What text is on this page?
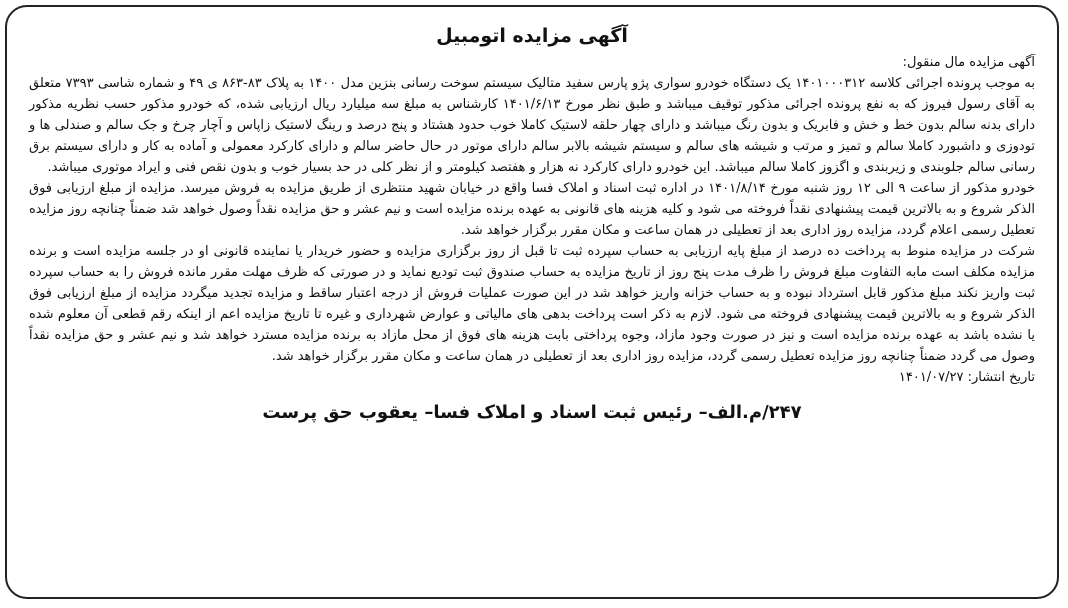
آگهی مزایده اتومبیل
آگهی مزایده مال منقول:

به موجب پرونده اجرائی کلاسه ۱۴۰۱۰۰۰۳۱۲ یک دستگاه خودرو سواری پژو پارس سفید متالیک سیستم سوخت رسانی بنزین مدل ۱۴۰۰ به پلاک ۸۳-۸۶۳ ی ۴۹ و شماره شاسی ۷۳۹۳ متعلق به آقای رسول فیروز که به نفع پرونده اجرائی مذکور توقیف میباشد و طبق نظر مورخ ۱۴۰۱/۶/۱۳ کارشناس به مبلغ سه میلیارد ریال ارزیابی شده، که خودرو مذکور حسب نظریه مذکور دارای بدنه سالم بدون خط و خش و فابریک و بدون رنگ میباشد و دارای چهار حلقه لاستیک کاملا خوب حدود هشتاد و پنج درصد و رینگ لاستیک زاپاس و آچار چرخ و جک سالم و صندلی ها و تودوزی و داشبورد کاملا سالم و تمیز و مرتب و شیشه های سالم و سیستم شیشه بالابر سالم دارای موتور در حال حاضر سالم و دارای کارکرد معمولی و آماده به کار و دارای سیستم برق رسانی سالم جلوبندی و زیربندی و اگزوز کاملا سالم میباشد. این خودرو دارای کارکرد نه هزار و هفتصد کیلومتر و از نظر کلی در حد بسیار خوب و بدون نقص فنی و ایراد موتوری میباشد.

خودرو مذکور از ساعت ۹ الی ۱۲ روز شنبه مورخ ۱۴۰۱/۸/۱۴ در اداره ثبت اسناد و املاک فسا واقع در خیابان شهید منتظری از طریق مزایده به فروش میرسد. مزایده از مبلغ ارزیابی فوق الذکر شروع و به بالاترین قیمت پیشنهادی نقداً فروخته می شود و کلیه هزینه های قانونی به عهده برنده مزایده است و نیم عشر و حق مزایده نقداً وصول خواهد شد ضمناً چنانچه روز مزایده تعطیل رسمی اعلام گردد، مزایده روز اداری بعد از تعطیلی در همان ساعت و مکان مقرر برگزار خواهد شد.

شرکت در مزایده منوط به پرداخت ده درصد از مبلغ پایه ارزیابی به حساب سپرده ثبت تا قبل از روز برگزاری مزایده و حضور خریدار یا نماینده قانونی او در جلسه مزایده است و برنده مزایده مکلف است مابه التفاوت مبلغ فروش را ظرف مدت پنج روز از تاریخ مزایده به حساب صندوق ثبت تودیع نماید و در صورتی که ظرف مهلت مقرر مانده فروش را به حساب سپرده ثبت واریز نکند مبلغ مذکور قابل استرداد نبوده و به حساب خزانه واریز خواهد شد در این صورت عملیات فروش از درجه اعتبار ساقط و مزایده تجدید میگردد مزایده از مبلغ ارزیابی فوق الذکر شروع و به بالاترین قیمت پیشنهادی فروخته می شود. لازم به ذکر است پرداخت بدهی های مالیاتی و عوارض شهرداری و غیره تا تاریخ مزایده اعم از اینکه رقم قطعی آن معلوم شده یا نشده باشد به عهده برنده مزایده است و نیز در صورت وجود مازاد، وجوه پرداختی بابت هزینه های فوق از محل مازاد به برنده مزایده مسترد خواهد شد و نیم عشر و حق مزایده نقداً وصول می گردد ضمناً چنانچه روز مزایده تعطیل رسمی گردد، مزایده روز اداری بعد از تعطیلی در همان ساعت و مکان مقرر برگزار خواهد شد.

تاریخ انتشار: ۱۴۰۱/۰۷/۲۷
۲۴۷/م.الف– رئیس ثبت اسناد و املاک فسا– یعقوب حق پرست
